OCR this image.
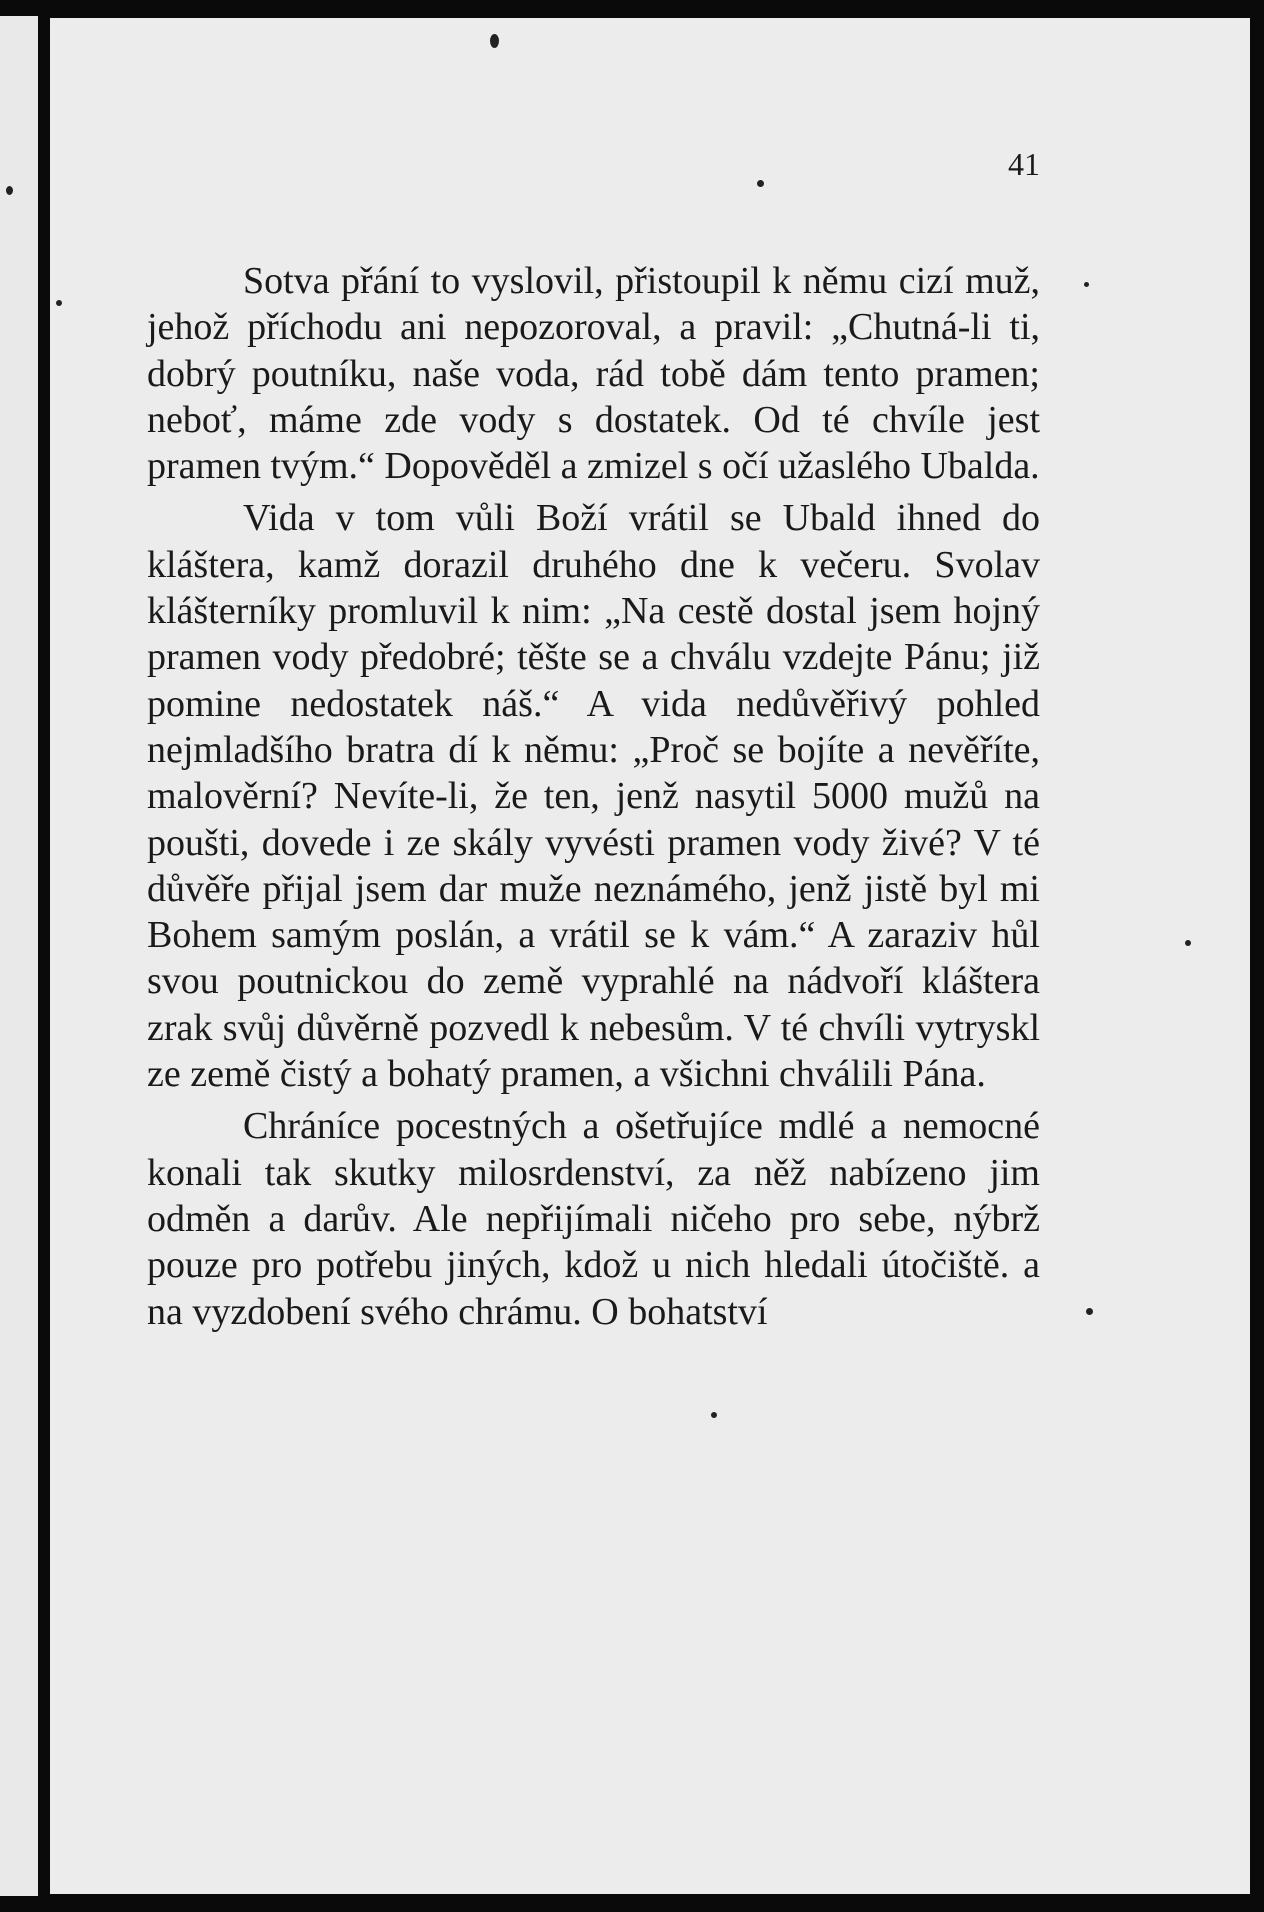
41

Sotva přání to vyslovil, přistoupil k němu cizí muž, jehož příchodu ani nepozoroval, a pravil: „Chutná-li ti, dobrý poutníku, naše voda, rád tobě dám tento pramen; neboť, máme zde vody s dostatek. Od té chvíle jest pramen tvým.“ Dopověděl a zmizel s očí užaslého Ubalda.

Vida v tom vůli Boží vrátil se Ubald ihned do kláštera, kamž dorazil druhého dne k večeru. Svolav klášterníky promluvil k nim: „Na cestě dostal jsem hojný pramen vody předobré; těšte se a chválu vzdejte Pánu; již pomine nedostatek náš.“ A vida nedůvěřivý pohled nejmladšího bratra dí k němu: „Proč se bojíte a nevěříte, malověrní? Nevíte-li, že ten, jenž nasytil 5000 mužů na poušti, dovede i ze skály vyvésti pramen vody živé? V té důvěře přijal jsem dar muže neznámého, jenž jistě byl mi Bohem samým poslán, a vrátil se k vám.“ A zaraziv hůl svou poutnickou do země vyprahlé na nádvoří kláštera zrak svůj důvěrně pozvedl k nebesům. V té chvíli vytryskl ze země čistý a bohatý pramen, a všichni chválili Pána.

Chráníce pocestných a ošetřujíce mdlé a nemocné konali tak skutky milosrdenství, za něž nabízeno jim odměn a darův. Ale nepřijímali ničeho pro sebe, nýbrž pouze pro potřebu jiných, kdož u nich hledali útočiště. a na vyzdobení svého chrámu. O bohatství
